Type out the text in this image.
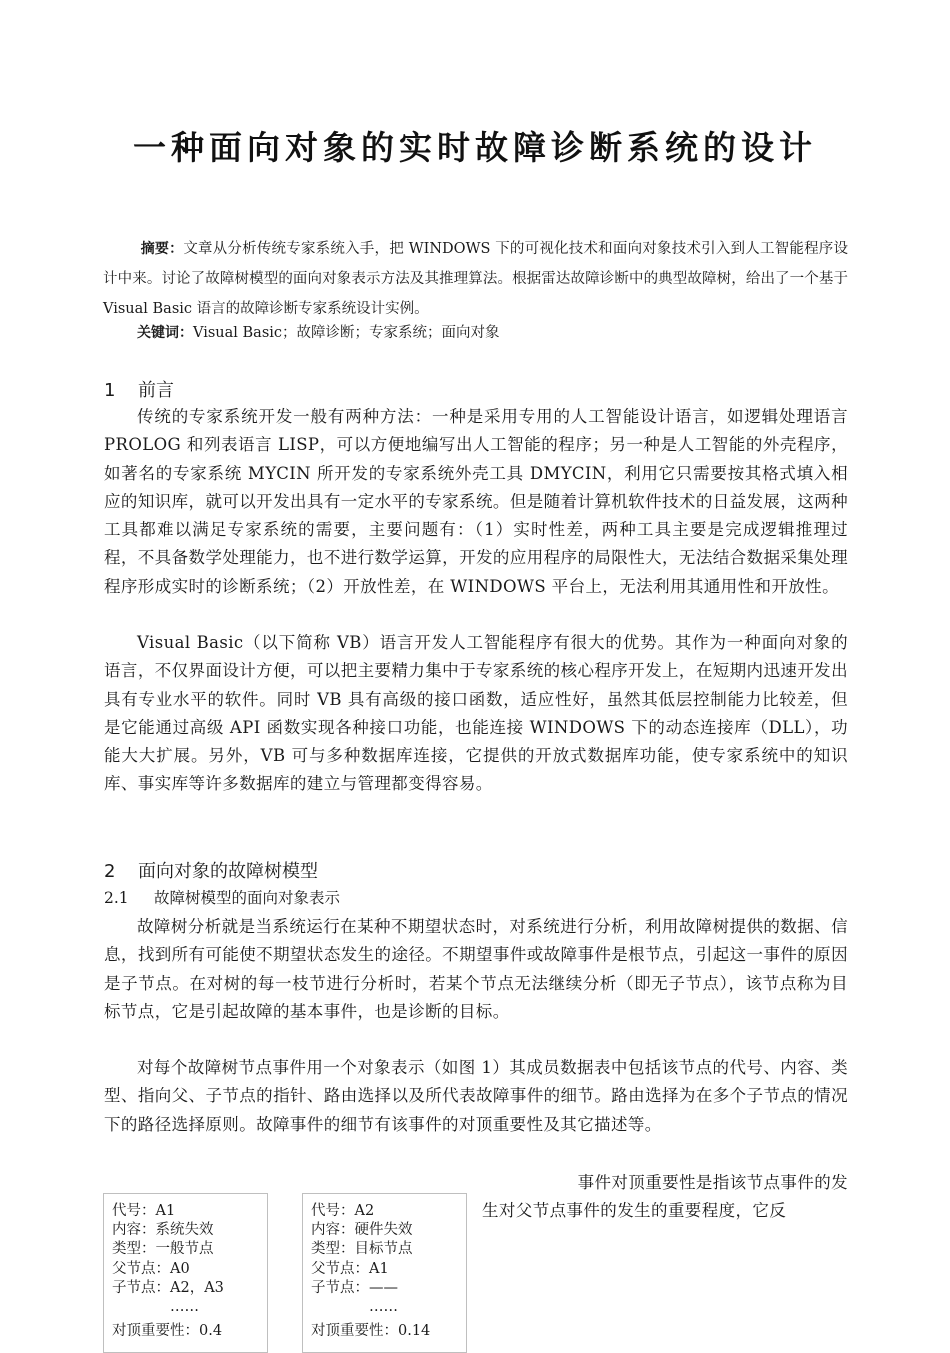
一种面向对象的实时故障诊断系统的设计
摘要：文章从分析传统专家系统入手，把 WINDOWS 下的可视化技术和面向对象技术引入到人工智能程序设计中来。讨论了故障树模型的面向对象表示方法及其推理算法。根据雷达故障诊断中的典型故障树，给出了一个基于 Visual Basic 语言的故障诊断专家系统设计实例。
关键词：Visual Basic；故障诊断；专家系统；面向对象
1 前言
传统的专家系统开发一般有两种方法：一种是采用专用的人工智能设计语言，如逻辑处理语言 PROLOG 和列表语言 LISP，可以方便地编写出人工智能的程序；另一种是人工智能的外壳程序，如著名的专家系统 MYCIN 所开发的专家系统外壳工具 DMYCIN，利用它只需要按其格式填入相应的知识库，就可以开发出具有一定水平的专家系统。但是随着计算机软件技术的日益发展，这两种工具都难以满足专家系统的需要，主要问题有：（1）实时性差，两种工具主要是完成逻辑推理过程，不具备数学处理能力，也不进行数学运算，开发的应用程序的局限性大，无法结合数据采集处理程序形成实时的诊断系统；（2）开放性差，在 WINDOWS 平台上，无法利用其通用性和开放性。
Visual Basic（以下简称 VB）语言开发人工智能程序有很大的优势。其作为一种面向对象的语言，不仅界面设计方便，可以把主要精力集中于专家系统的核心程序开发上，在短期内迅速开发出具有专业水平的软件。同时 VB 具有高级的接口函数，适应性好，虽然其低层控制能力比较差，但是它能通过高级 API 函数实现各种接口功能，也能连接 WINDOWS 下的动态连接库（DLL），功能大大扩展。另外，VB 可与多种数据库连接，它提供的开放式数据库功能，使专家系统中的知识库、事实库等许多数据库的建立与管理都变得容易。
2 面向对象的故障树模型
2.1 故障树模型的面向对象表示
故障树分析就是当系统运行在某种不期望状态时，对系统进行分析，利用故障树提供的数据、信息，找到所有可能使不期望状态发生的途径。不期望事件或故障事件是根节点，引起这一事件的原因是子节点。在对树的每一枝节进行分析时，若某个节点无法继续分析（即无子节点），该节点称为目标节点，它是引起故障的基本事件，也是诊断的目标。
对每个故障树节点事件用一个对象表示（如图 1）其成员数据表中包括该节点的代号、内容、类型、指向父、子节点的指针、路由选择以及所代表故障事件的细节。路由选择为在多个子节点的情况下的路径选择原则。故障事件的细节有该事件的对顶重要性及其它描述等。
事件对顶重要性是指该节点事件的发
生对父节点事件的发生的重要程度，它反
代号：A1
内容：系统失效
类型：一般节点
父节点：A0
子节点：A2，A3
……
对顶重要性：0.4
代号：A2
内容：硬件失效
类型：目标节点
父节点：A1
子节点：——
……
对顶重要性：0.14
